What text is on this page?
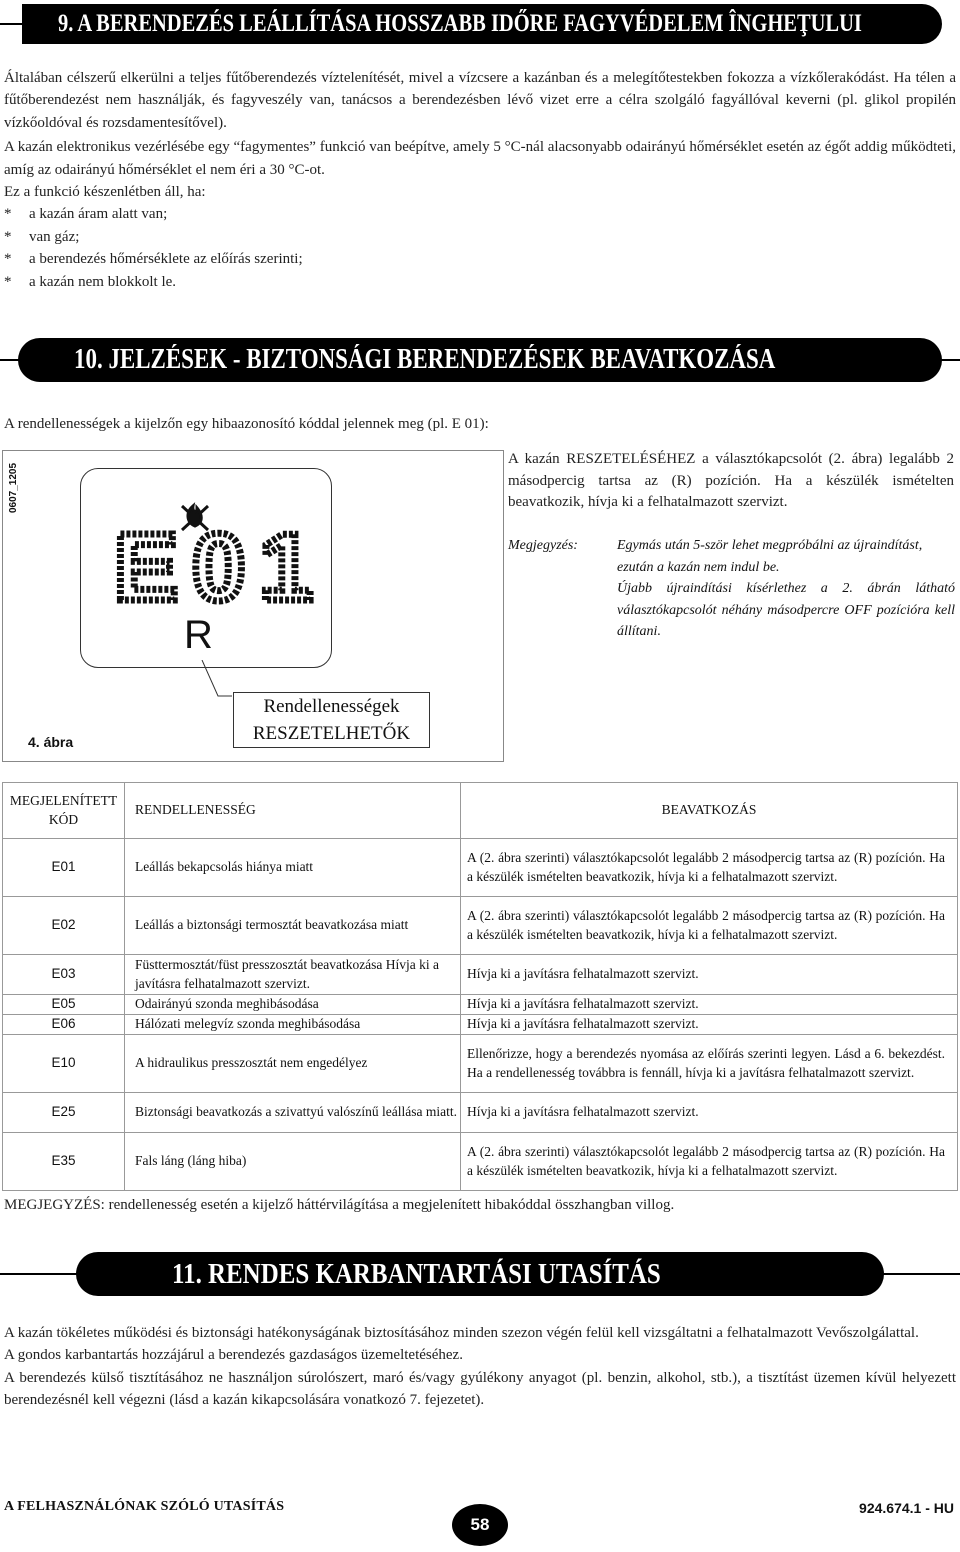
9. A BERENDEZÉS LEÁLLÍTÁSA HOSSZABB IDŐRE FAGYVÉDELEM ÎNGHEŢULUI

Általában célszerű elkerülni a teljes fűtőberendezés víztelenítését, mivel a vízcsere a kazánban és a melegítőtestekben fokozza a vízkőlerakódást. Ha télen a fűtőberendezést nem használják, és fagyveszély van, tanácsos a berendezésben lévő vizet erre a célra szolgáló fagyállóval keverni (pl. glikol propilén vízkőoldóval és rozsdamentesítővel).

A kazán elektronikus vezérlésébe egy “fagymentes” funkció van beépítve, amely 5 °C-nál alacsonyabb odairányú hőmérséklet esetén az égőt addig működteti, amíg az odairányú hőmérséklet el nem éri a 30 °C-ot.

Ez a funkció készenlétben áll, ha:

*	a kazán áram alatt van;
*	van gáz;
*	a berendezés hőmérséklete az előírás szerinti;
*	a kazán nem blokkolt le.
10. JELZÉSEK - BIZTONSÁGI BERENDEZÉSEK BEAVATKOZÁSA
A rendellenességek a kijelzőn egy hibaazonosító kóddal jelennek meg (pl. E 01):
0607_1205
E01
R
Rendellenességek
RESZETELHETŐK
4. ábra
A kazán RESZETELÉSÉHEZ a választókapcsolót (2. ábra) legalább 2 másodpercig tartsa az (R) pozíción. Ha a készülék ismételten beavatkozik, hívja ki a felhatalmazott szervizt.
Megjegyzés:	Egymás után 5-ször lehet megpróbálni az újraindítást, ezután a kazán nem indul be.
Újabb újraindítási kísérlethez a 2. ábrán látható választókapcsolót néhány másodpercre OFF pozícióra kell állítani.
MEGJELENÍTETT KÓD	RENDELLENESSÉG	BEAVATKOZÁS
E01	Leállás bekapcsolás hiánya miatt	A (2. ábra szerinti) választókapcsolót legalább 2 másodpercig tartsa az (R) pozíción. Ha a készülék ismételten beavatkozik, hívja ki a felhatalmazott szervizt.
E02	Leállás a biztonsági termosztát beavatkozása miatt	A (2. ábra szerinti) választókapcsolót legalább 2 másodpercig tartsa az (R) pozíción. Ha a készülék ismételten beavatkozik, hívja ki a felhatalmazott szervizt.
E03	Füsttermosztát/füst presszosztát beavatkozása Hívja ki a javításra felhatalmazott szervizt.	Hívja ki a javításra felhatalmazott szervizt.
E05	Odairányú szonda meghibásodása	Hívja ki a javításra felhatalmazott szervizt.
E06	Hálózati melegvíz szonda meghibásodása	Hívja ki a javításra felhatalmazott szervizt.
E10	A hidraulikus presszosztát nem engedélyez	Ellenőrizze, hogy a berendezés nyomása az előírás szerinti legyen. Lásd a 6. bekezdést. Ha a rendellenesség továbbra is fennáll, hívja ki a javításra felhatalmazott szervizt.
E25	Biztonsági beavatkozás a szivattyú valószínű leállása miatt.	Hívja ki a javításra felhatalmazott szervizt.
E35	Fals láng (láng hiba)	A (2. ábra szerinti) választókapcsolót legalább 2 másodpercig tartsa az (R) pozíción. Ha a készülék ismételten beavatkozik, hívja ki a felhatalmazott szervizt.
MEGJEGYZÉS: rendellenesség esetén a kijelző háttérvilágítása a megjelenített hibakóddal összhangban villog.
11. RENDES KARBANTARTÁSI UTASÍTÁS

A kazán tökéletes működési és biztonsági hatékonyságának biztosításához minden szezon végén felül kell vizsgáltatni a felhatalmazott Vevőszolgálattal.

A gondos karbantartás hozzájárul a berendezés gazdaságos üzemeltetéséhez.

A berendezés külső tisztításához ne használjon súrolószert, maró és/vagy gyúlékony anyagot (pl. benzin, alkohol, stb.), a tisztítást üzemen kívül helyezett berendezésnél kell végezni (lásd a kazán kikapcsolására vonatkozó 7. fejezetet).

A FELHASZNÁLÓNAK SZÓLÓ UTASÍTÁS
58
924.674.1 - HU
